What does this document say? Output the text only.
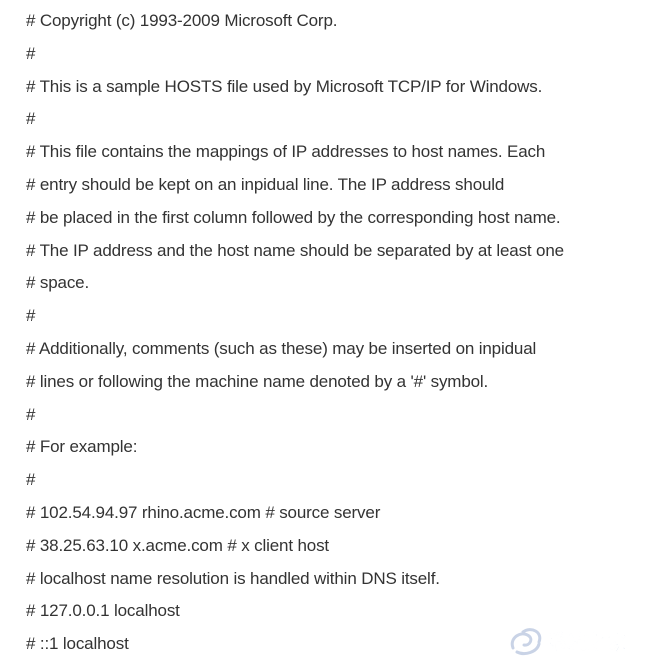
# Copyright (c) 1993-2009 Microsoft Corp.
#
# This is a sample HOSTS file used by Microsoft TCP/IP for Windows.
#
# This file contains the mappings of IP addresses to host names. Each
# entry should be kept on an inpidual line. The IP address should
# be placed in the first column followed by the corresponding host name.
# The IP address and the host name should be separated by at least one
# space.
#
# Additionally, comments (such as these) may be inserted on inpidual
# lines or following the machine name denoted by a '#' symbol.
#
# For example:
#
# 102.54.94.97 rhino.acme.com # source server
# 38.25.63.10 x.acme.com # x client host
# localhost name resolution is handled within DNS itself.
# 127.0.0.1 localhost
# ::1 localhost	系统之家
